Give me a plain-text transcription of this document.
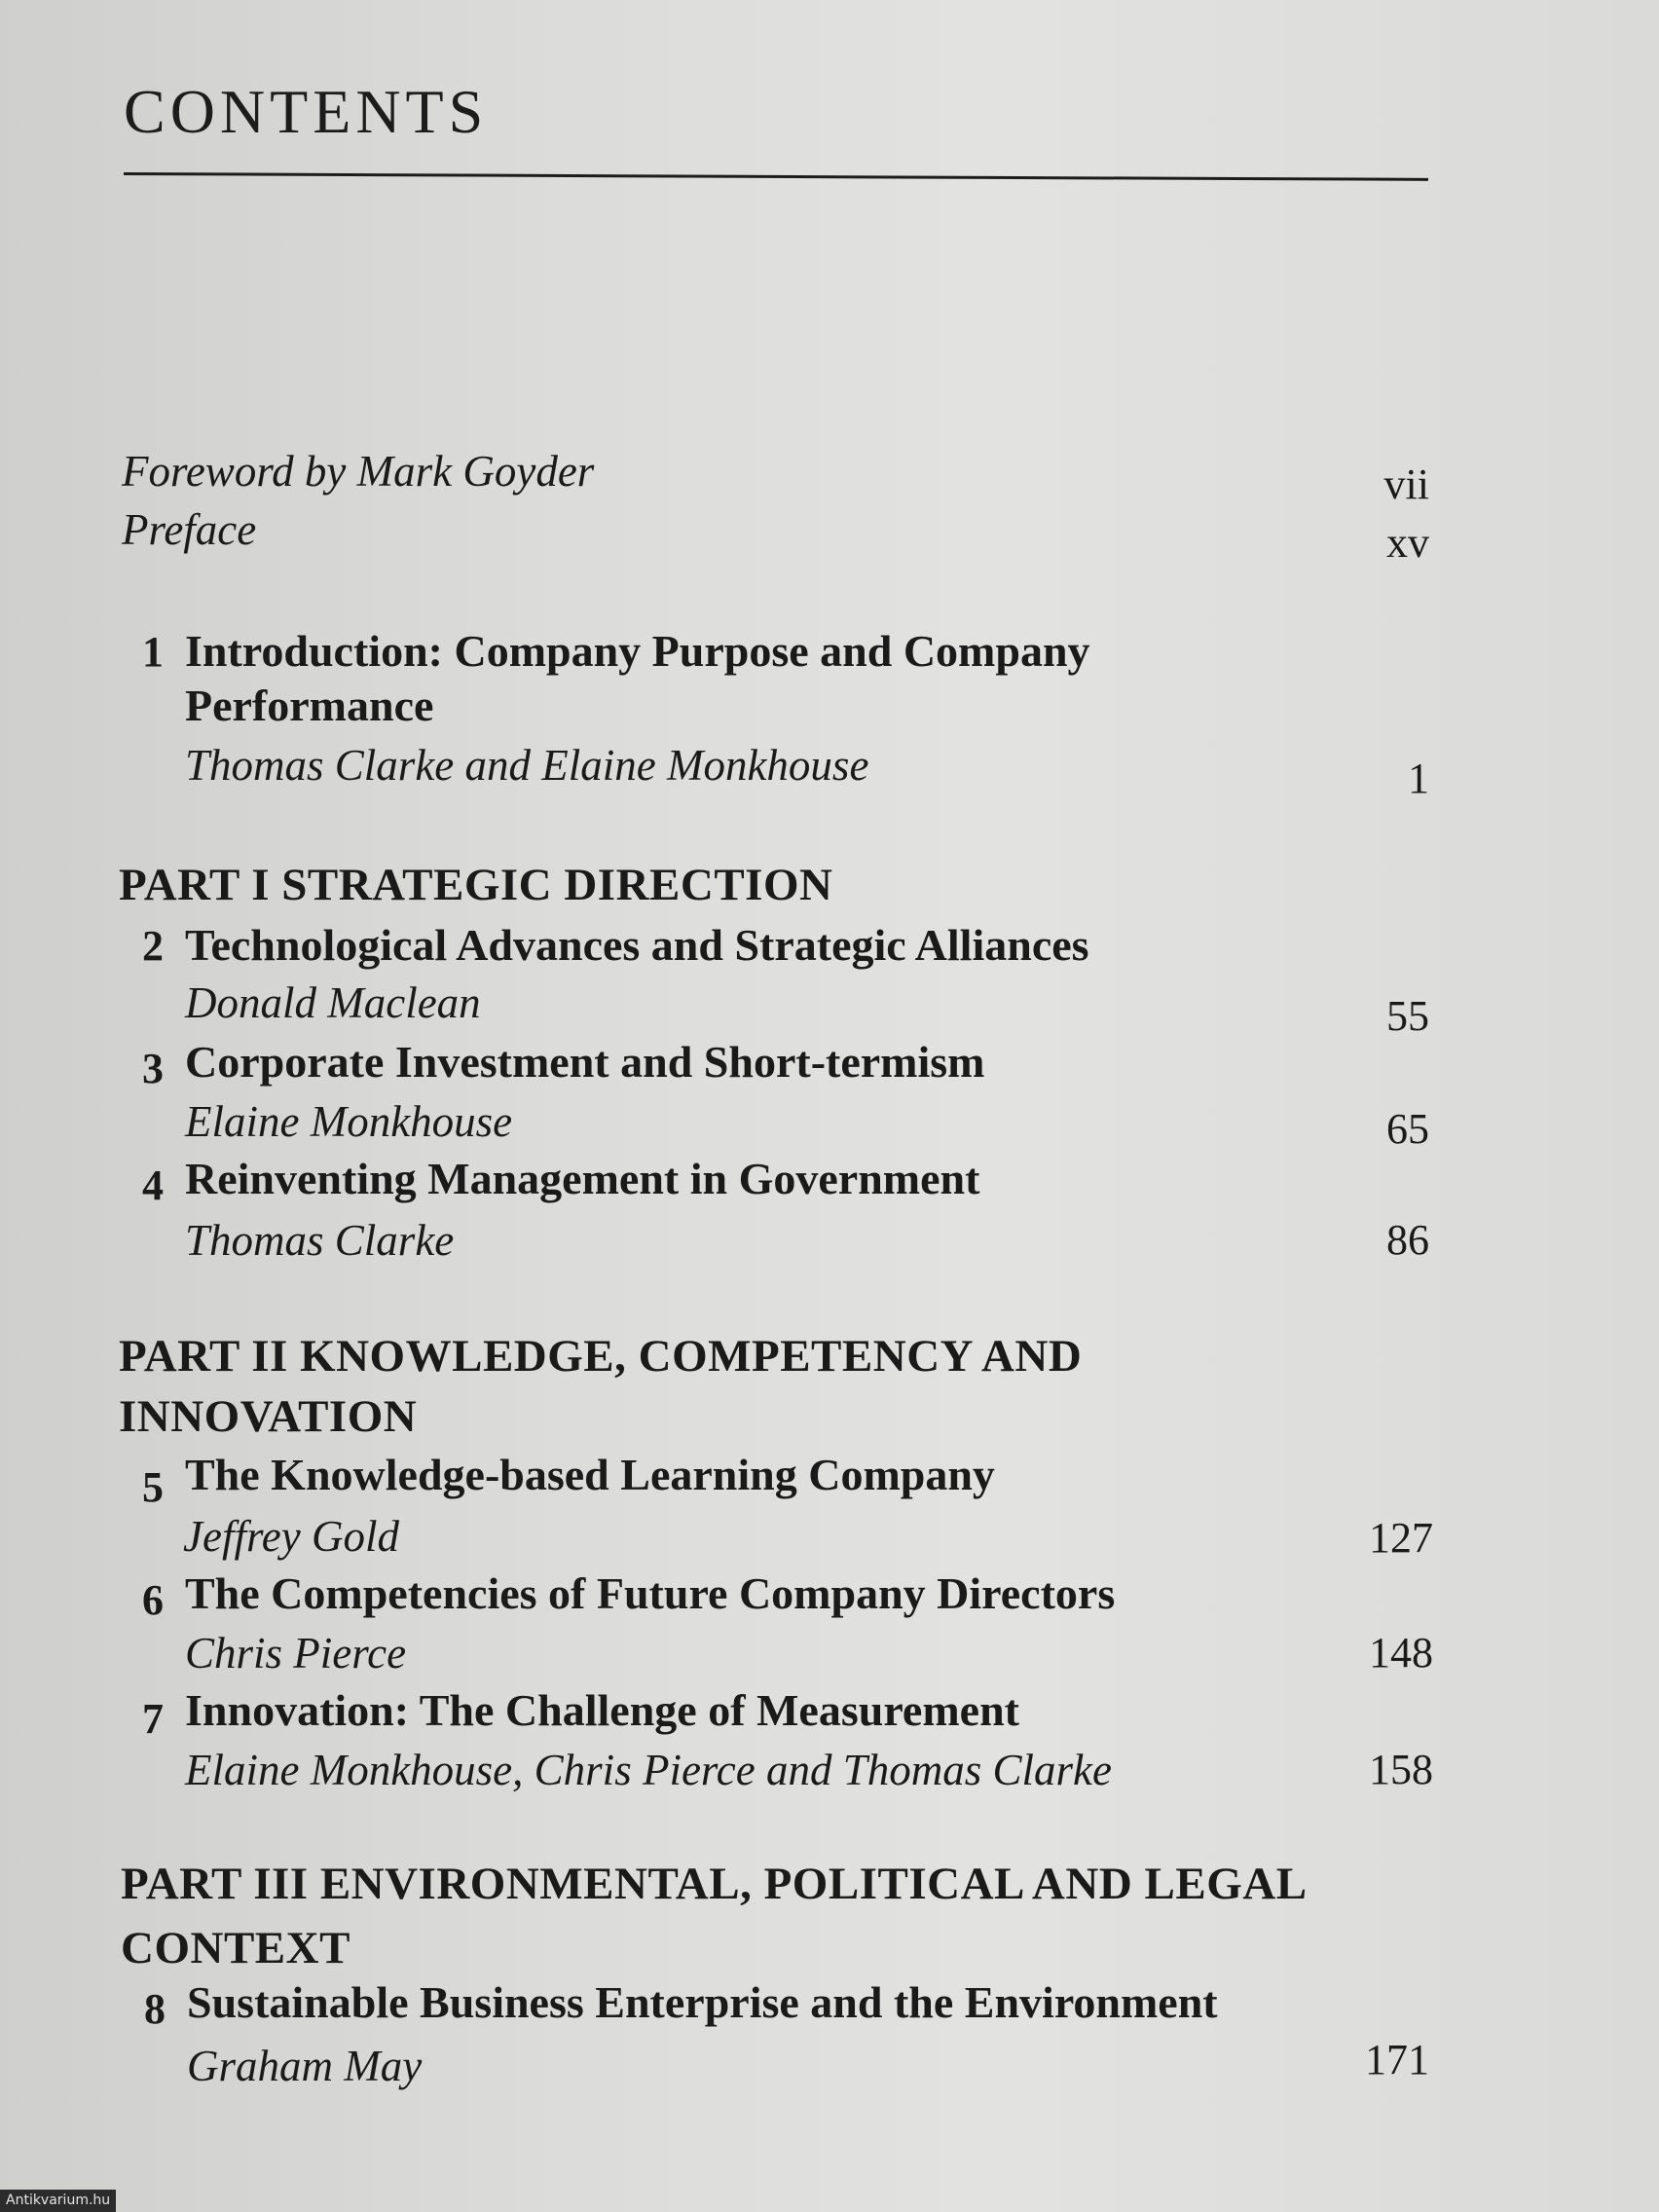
CONTENTS
Foreword by Mark Goyder	vii
Preface	xv
1 Introduction: Company Purpose and Company
Performance
Thomas Clarke and Elaine Monkhouse	1
PART I STRATEGIC DIRECTION
2 Technological Advances and Strategic Alliances
Donald Maclean	55
3 Corporate Investment and Short-termism
Elaine Monkhouse	65
4 Reinventing Management in Government
Thomas Clarke	86
PART II KNOWLEDGE, COMPETENCY AND
INNOVATION
5 The Knowledge-based Learning Company
Jeffrey Gold	127
6 The Competencies of Future Company Directors
Chris Pierce	148
7 Innovation: The Challenge of Measurement
Elaine Monkhouse, Chris Pierce and Thomas Clarke	158
PART III ENVIRONMENTAL, POLITICAL AND LEGAL
CONTEXT
8 Sustainable Business Enterprise and the Environment
Graham May	171
Antikvarium.hu
